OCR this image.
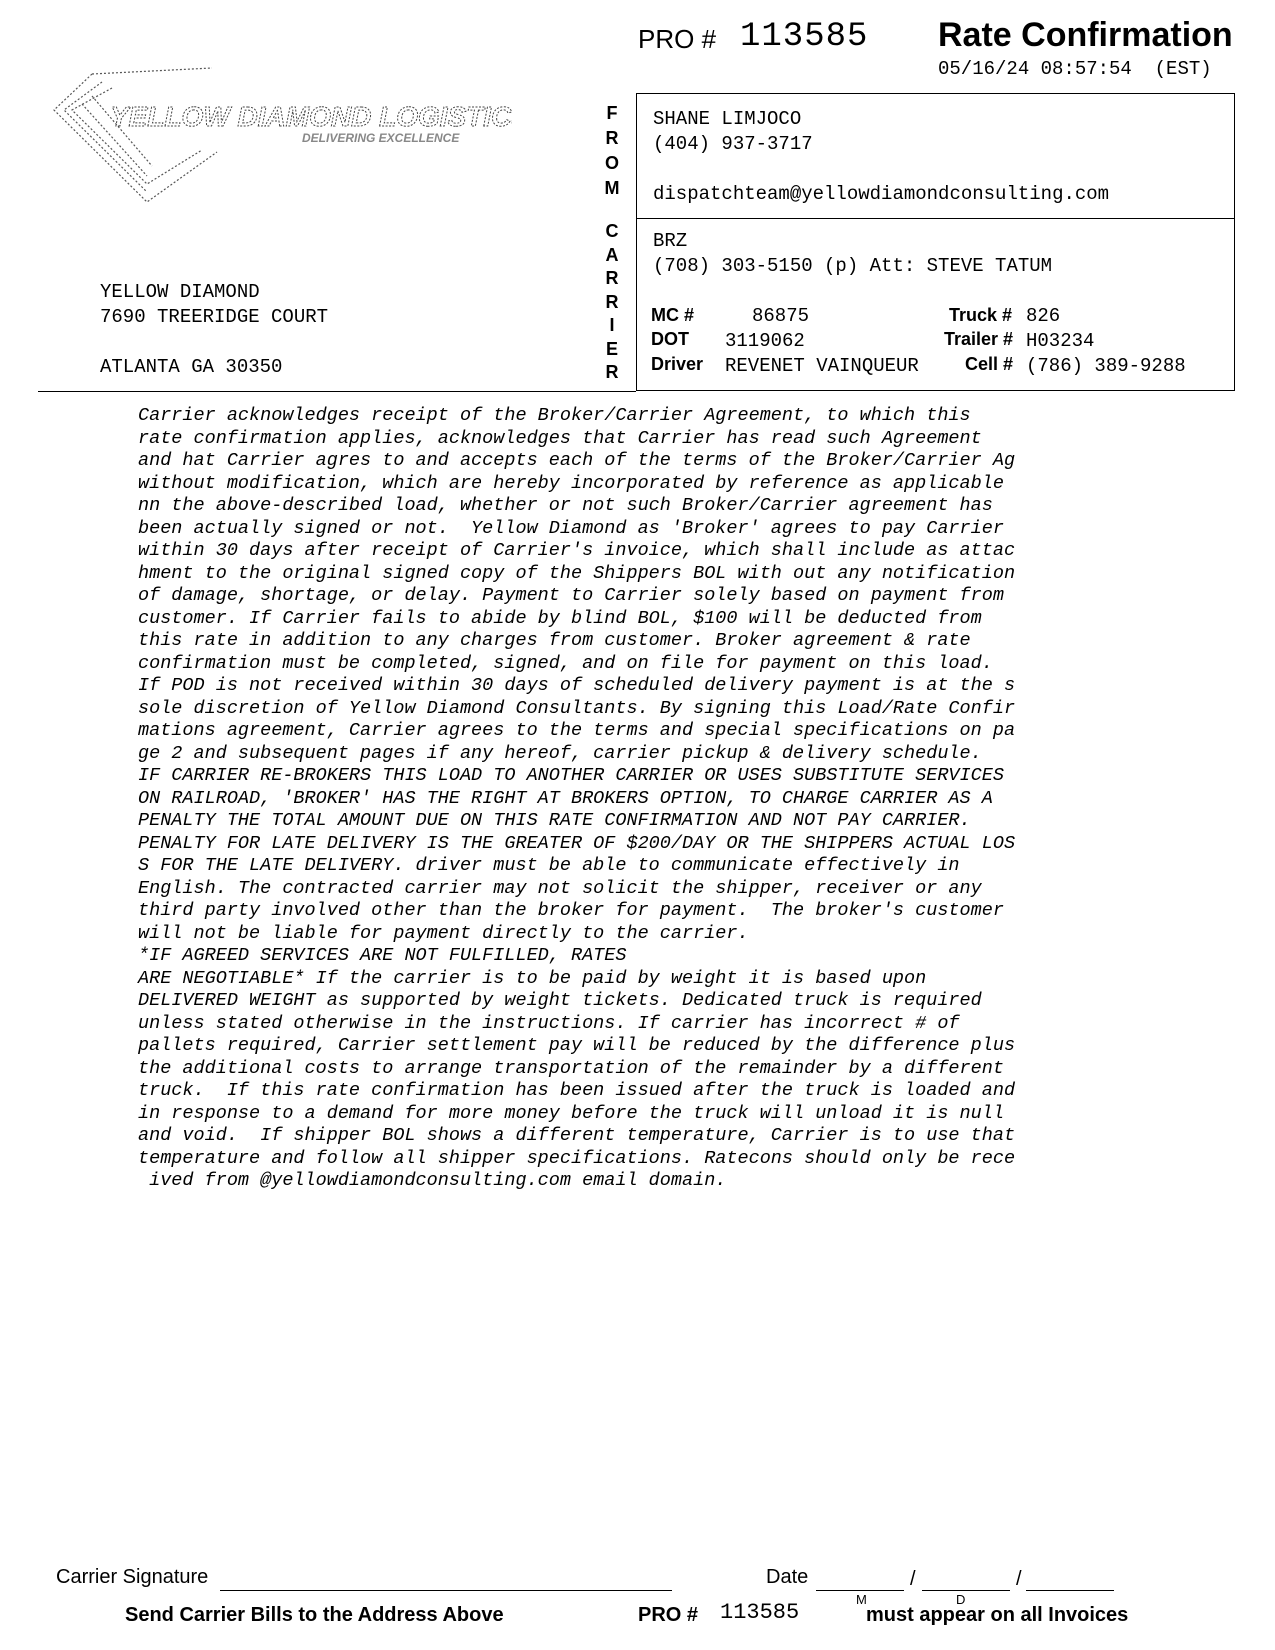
PRO # 113585 Rate Confirmation
05/16/24 08:57:54  (EST)
YELLOW DIAMOND LOGISTICS
DELIVERING EXCELLENCE
YELLOW DIAMOND
7690 TREERIDGE COURT

ATLANTA GA 30350
F
R
O
M
C
A
R
R
I
E
R
SHANE LIMJOCO
(404) 937-3717
dispatchteam@yellowdiamondconsulting.com
BRZ
(708) 303-5150 (p) Att: STEVE TATUM
MC #	86875	Truck # 826
DOT 3119062	Trailer # H03234
Driver REVENET VAINQUEUR	Cell # (786) 389-9288
Carrier acknowledges receipt of the Broker/Carrier Agreement, to which this
rate confirmation applies, acknowledges that Carrier has read such Agreement
and hat Carrier agres to and accepts each of the terms of the Broker/Carrier Ag
without modification, which are hereby incorporated by reference as applicable
nn the above-described load, whether or not such Broker/Carrier agreement has
been actually signed or not.  Yellow Diamond as 'Broker' agrees to pay Carrier
within 30 days after receipt of Carrier's invoice, which shall include as attac
hment to the original signed copy of the Shippers BOL with out any notification
of damage, shortage, or delay. Payment to Carrier solely based on payment from
customer. If Carrier fails to abide by blind BOL, $100 will be deducted from
this rate in addition to any charges from customer. Broker agreement & rate
confirmation must be completed, signed, and on file for payment on this load.
If POD is not received within 30 days of scheduled delivery payment is at the s
sole discretion of Yellow Diamond Consultants. By signing this Load/Rate Confir
mations agreement, Carrier agrees to the terms and special specifications on pa
ge 2 and subsequent pages if any hereof, carrier pickup & delivery schedule.
IF CARRIER RE-BROKERS THIS LOAD TO ANOTHER CARRIER OR USES SUBSTITUTE SERVICES
ON RAILROAD, 'BROKER' HAS THE RIGHT AT BROKERS OPTION, TO CHARGE CARRIER AS A
PENALTY THE TOTAL AMOUNT DUE ON THIS RATE CONFIRMATION AND NOT PAY CARRIER.
PENALTY FOR LATE DELIVERY IS THE GREATER OF $200/DAY OR THE SHIPPERS ACTUAL LOS
S FOR THE LATE DELIVERY. driver must be able to communicate effectively in
English. The contracted carrier may not solicit the shipper, receiver or any
third party involved other than the broker for payment.  The broker's customer
will not be liable for payment directly to the carrier.
*IF AGREED SERVICES ARE NOT FULFILLED, RATES
ARE NEGOTIABLE* If the carrier is to be paid by weight it is based upon
DELIVERED WEIGHT as supported by weight tickets. Dedicated truck is required
unless stated otherwise in the instructions. If carrier has incorrect # of
pallets required, Carrier settlement pay will be reduced by the difference plus
the additional costs to arrange transportation of the remainder by a different
truck.  If this rate confirmation has been issued after the truck is loaded and
in response to a demand for more money before the truck will unload it is null
and void.  If shipper BOL shows a different temperature, Carrier is to use that
temperature and follow all shipper specifications. Ratecons should only be rece
ived from @yellowdiamondconsulting.com email domain.
Carrier Signature	Date	/	/
M	D
Send Carrier Bills to the Address Above	PRO # 113585	must appear on all Invoices
